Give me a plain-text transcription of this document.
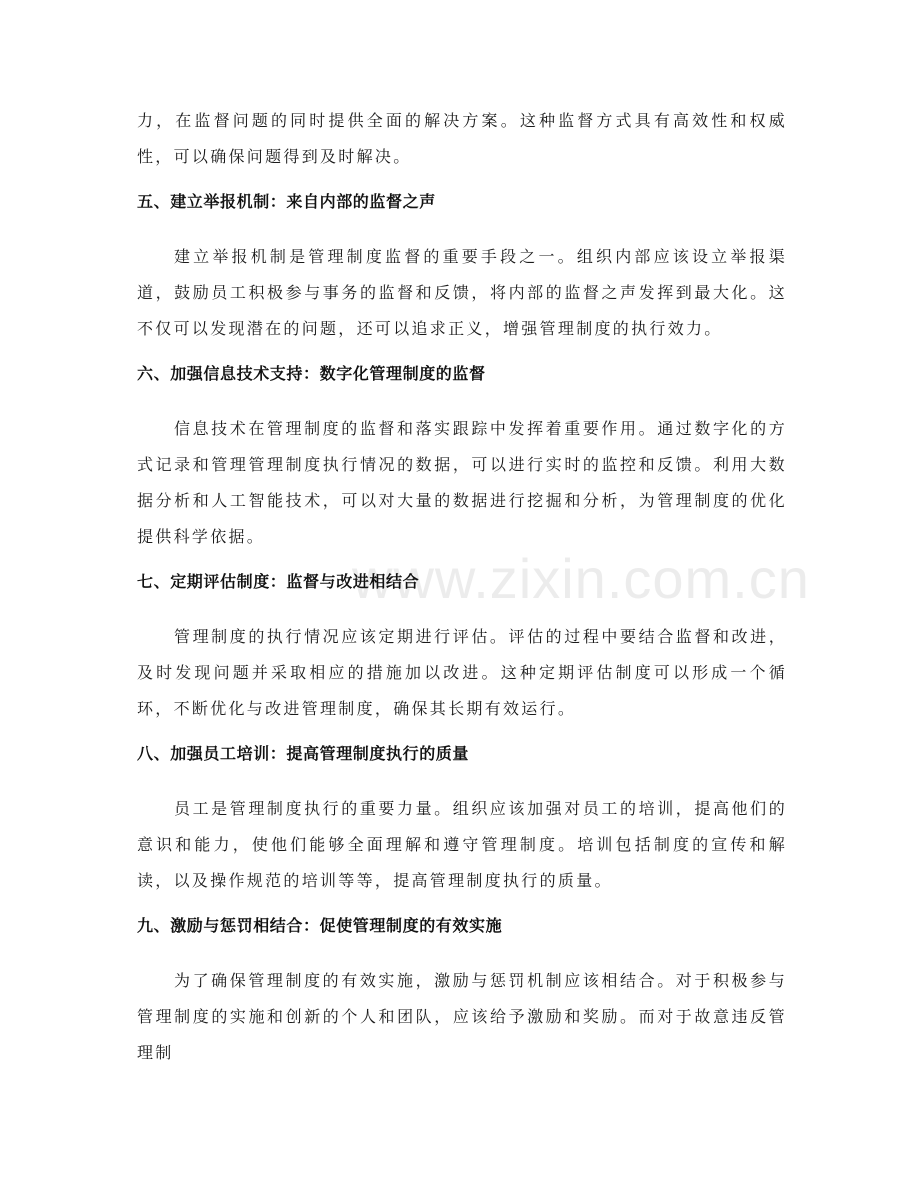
www.zixin.com.cn

力，在监督问题的同时提供全面的解决方案。这种监督方式具有高效性和权威性，可以确保问题得到及时解决。

五、建立举报机制：来自内部的监督之声

建立举报机制是管理制度监督的重要手段之一。组织内部应该设立举报渠道，鼓励员工积极参与事务的监督和反馈，将内部的监督之声发挥到最大化。这不仅可以发现潜在的问题，还可以追求正义，增强管理制度的执行效力。

六、加强信息技术支持：数字化管理制度的监督

信息技术在管理制度的监督和落实跟踪中发挥着重要作用。通过数字化的方式记录和管理管理制度执行情况的数据，可以进行实时的监控和反馈。利用大数据分析和人工智能技术，可以对大量的数据进行挖掘和分析，为管理制度的优化提供科学依据。

七、定期评估制度：监督与改进相结合

管理制度的执行情况应该定期进行评估。评估的过程中要结合监督和改进，及时发现问题并采取相应的措施加以改进。这种定期评估制度可以形成一个循环，不断优化与改进管理制度，确保其长期有效运行。

八、加强员工培训：提高管理制度执行的质量

员工是管理制度执行的重要力量。组织应该加强对员工的培训，提高他们的意识和能力，使他们能够全面理解和遵守管理制度。培训包括制度的宣传和解读，以及操作规范的培训等等，提高管理制度执行的质量。

九、激励与惩罚相结合：促使管理制度的有效实施

为了确保管理制度的有效实施，激励与惩罚机制应该相结合。对于积极参与管理制度的实施和创新的个人和团队，应该给予激励和奖励。而对于故意违反管理制
